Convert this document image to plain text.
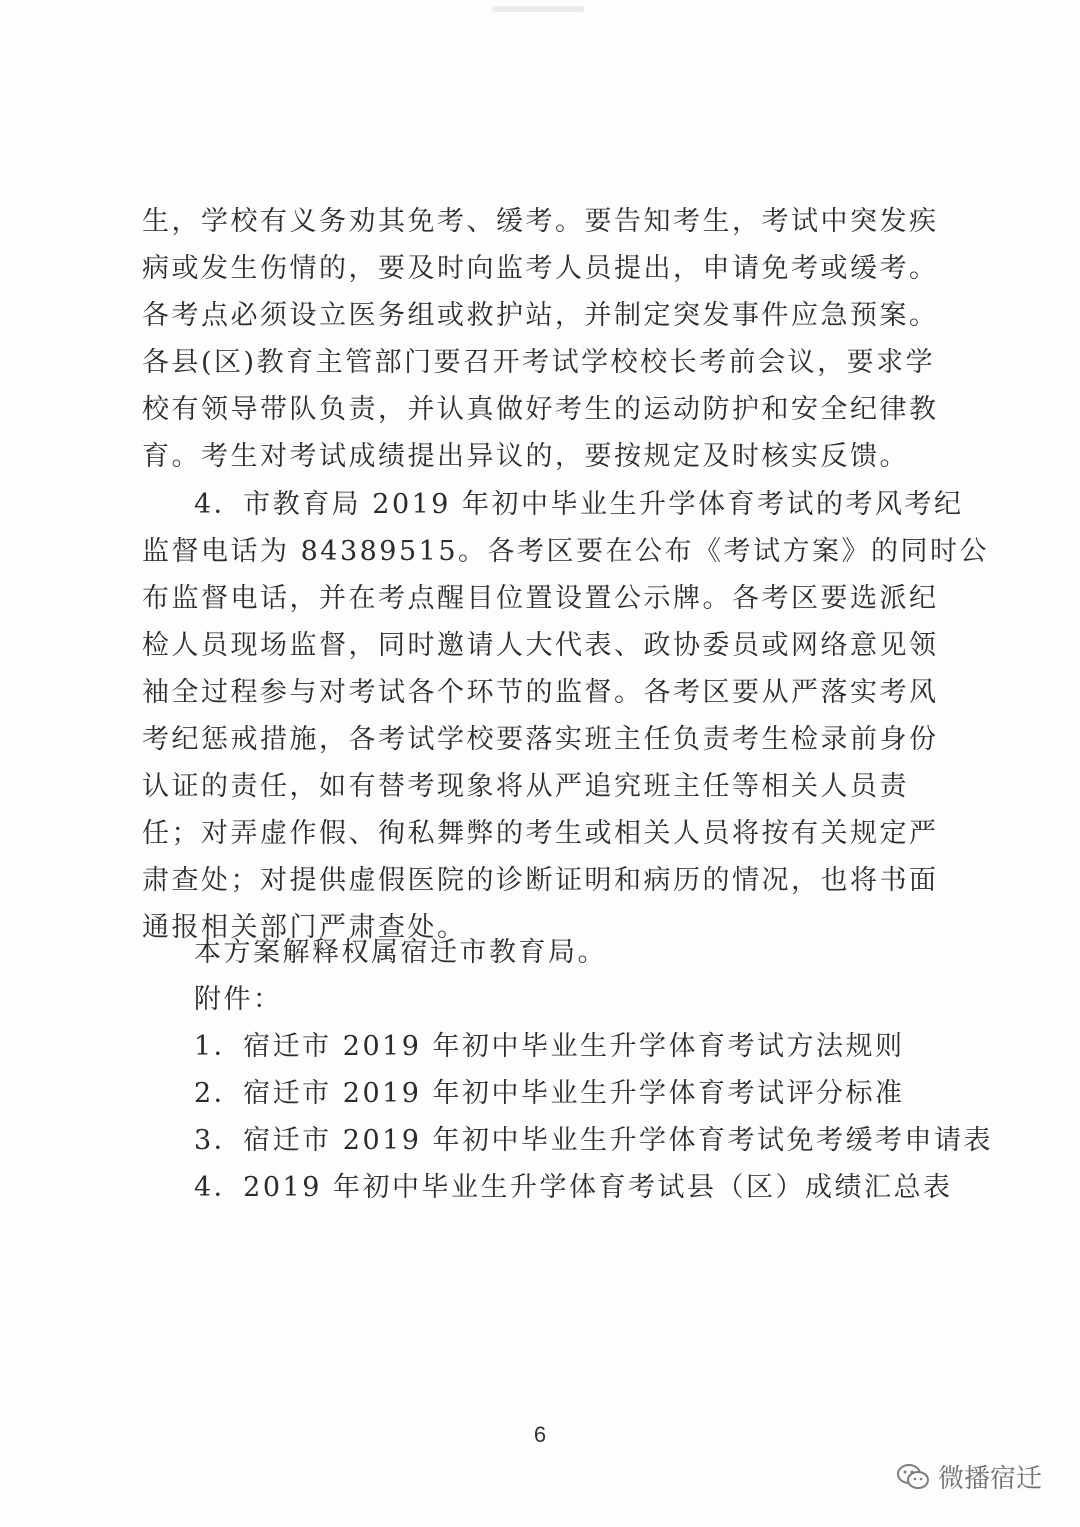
生，学校有义务劝其免考、缓考。要告知考生，考试中突发疾
病或发生伤情的，要及时向监考人员提出，申请免考或缓考。
各考点必须设立医务组或救护站，并制定突发事件应急预案。
各县(区)教育主管部门要召开考试学校校长考前会议，要求学
校有领导带队负责，并认真做好考生的运动防护和安全纪律教
育。考生对考试成绩提出异议的，要按规定及时核实反馈。
4．市教育局 2019 年初中毕业生升学体育考试的考风考纪
监督电话为 84389515。各考区要在公布《考试方案》的同时公
布监督电话，并在考点醒目位置设置公示牌。各考区要选派纪
检人员现场监督，同时邀请人大代表、政协委员或网络意见领
袖全过程参与对考试各个环节的监督。各考区要从严落实考风
考纪惩戒措施，各考试学校要落实班主任负责考生检录前身份
认证的责任，如有替考现象将从严追究班主任等相关人员责
任；对弄虚作假、徇私舞弊的考生或相关人员将按有关规定严
肃查处；对提供虚假医院的诊断证明和病历的情况，也将书面
通报相关部门严肃查处。
本方案解释权属宿迁市教育局。
附件：
1．宿迁市 2019 年初中毕业生升学体育考试方法规则
2．宿迁市 2019 年初中毕业生升学体育考试评分标准
3．宿迁市 2019 年初中毕业生升学体育考试免考缓考申请表
4．2019 年初中毕业生升学体育考试县（区）成绩汇总表
6
微播宿迁
